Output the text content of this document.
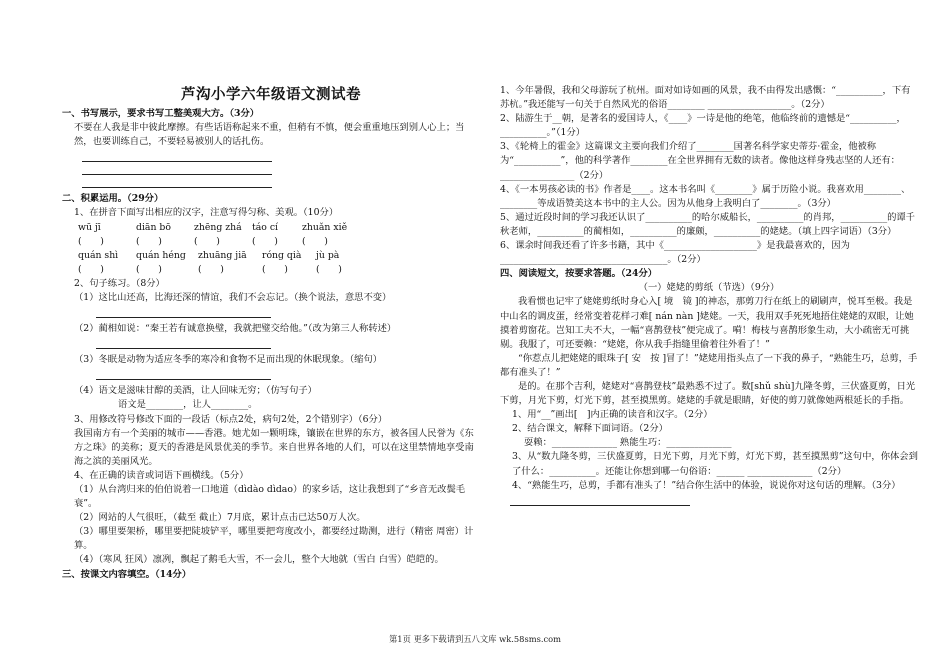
芦沟小学六年级语文测试卷
一、书写展示，要求书写工整美观大方。（3分）
不要在人我是非中彼此摩擦。有些话语称起来不重，但稍有不慎，便会重重地压到别人心上；当然，也要训练自己，不要轻易被别人的话扎伤。
二、积累运用。（29分）
1、在拼音下面写出相应的汉字，注意写得匀称、美观。（10分）
wū jī	diān bō	zhēng zhá	táo cí	zhuǎn xiě
(　　)	(　　)	(　　)	(　　)	(　　)
quán shì	quán héng	zhuāng jiā	róng qià	jù pà
(　　)	(　　)	(　　)	(　　)	(　　)
2、句子练习。（8分）
（1）这比山还高，比海还深的情谊，我们不会忘记。（换个说法，意思不变）
（2）蔺相如说：“秦王若有诚意换璧，我就把璧交给他。”（改为第三人称转述）
（3）冬眠是动物为适应冬季的寒冷和食物不足而出现的休眠现象。（缩句）
（4）语文是滋味甘醇的美酒，让人回味无穷；（仿写句子）
语文是________，让人________。
3、用修改符号修改下面的一段话（标点2处，病句2处，2个错别字）（6分）
我国南方有一个美丽的城市——香港。她尤如一颗明珠，镶嵌在世界的东方，被各国人民誉为《东方之珠》的美称；夏天的香港是风景优美的季节。来自世界各地的人们，可以在这里禁情地享受南海之滨的美丽风光。
4、在正确的读音或词语下画横线。（5分）
（1）从台湾归来的伯伯说着一口地道（dìdào dìdao）的家乡话，这让我想到了“乡音无改鬓毛衰”。
（2）网站的人气很旺，（截至 截止）7月底，累计点击已达50万人次。
（3）哪里要架桥，哪里要把陡坡铲平，哪里要把弯度改小，都要经过勘测，进行（精密 周密）计算。
（4）（寒风 狂风）凛冽，飘起了鹅毛大雪，不一会儿，整个大地就（雪白 白雪）皑皑的。
三、按课文内容填空。（14分）
1、今年暑假，我和父母游玩了杭州。面对如诗如画的风景，我不由得发出感慨：“__________，下有苏杭。”我还能写一句关于自然风光的俗语________ __________________。（2分）
2、陆游生于__朝，是著名的爱国诗人，《____》一诗是他的绝笔，他临终前的遗憾是“__________，__________。”（1分）
3、《轮椅上的霍金》这篇课文主要向我们介绍了________国著名科学家史蒂芬·霍金，他被称为“__________”，他的科学著作________在全世界拥有无数的读者。像他这样身残志坚的人还有：________________（2分）
4、《一本男孩必读的书》作者是____。这本书名叫《________》属于历险小说。我喜欢用________、________等成语赞美这本书中的主人公。因为从他身上我明白了________。（3分）
5、通过近段时间的学习我还认识了__________的哈尔威船长，__________的肖邦，__________的谭千秋老师，__________的蔺相如，__________的廉颇，__________的姥姥。（填上四字词语）（3分）
6、课余时间我还看了许多书籍，其中《____________________》是我最喜欢的，因为____________________________________。（2分）
四、阅读短文，按要求答题。（24分）
（一）姥姥的剪纸（节选）（9分）
我看惯也记牢了姥姥剪纸时身心入[ 境　镜 ]的神态，那剪刀行在纸上的刷刷声，悦耳至极。我是中山名的调皮蛋，经常变着花样刁难[ nán nàn ]姥姥。一天，我用双手死死地捂住姥姥的双眼，让她摸着剪窗花。岂知工夫不大，一幅“喜鹊登枝”便完成了。嗬！梅枝与喜鹊形象生动，大小疏密无可挑剔。我服了，可还要赖：“姥姥，你从我手指缝里偷着往外看了！”
“你惹点儿把姥姥的眼珠子[ 安　按 ]冒了！”姥姥用指头点了一下我的鼻子，“熟能生巧，总剪，手都有准头了！”
是的。在那个吉利，姥姥对“喜鹊登枝”最熟悉不过了。数[shǔ shù]九隆冬剪，三伏盛夏剪，日光下剪，月光下剪，灯光下剪，甚至摸黑剪。姥姥的手就是眼睛，好使的剪刀就像她两根延长的手指。
1、用“__”画出[　]内正确的读音和汉字。（2分）
2、结合课文，解释下面词语。（2分）
耍赖：______________ 熟能生巧：______________
3、从“数九隆冬剪，三伏盛夏剪，日光下剪，月光下剪，灯光下剪，甚至摸黑剪”这句中，你体会到了什么：__________。还能让你想到哪一句俗语：______ ______________（2分）
4、“熟能生巧，总剪，手都有准头了！”结合你生活中的体验，说说你对这句话的理解。（3分）
第1页 更多下载请到五八文库 wk.58sms.com
